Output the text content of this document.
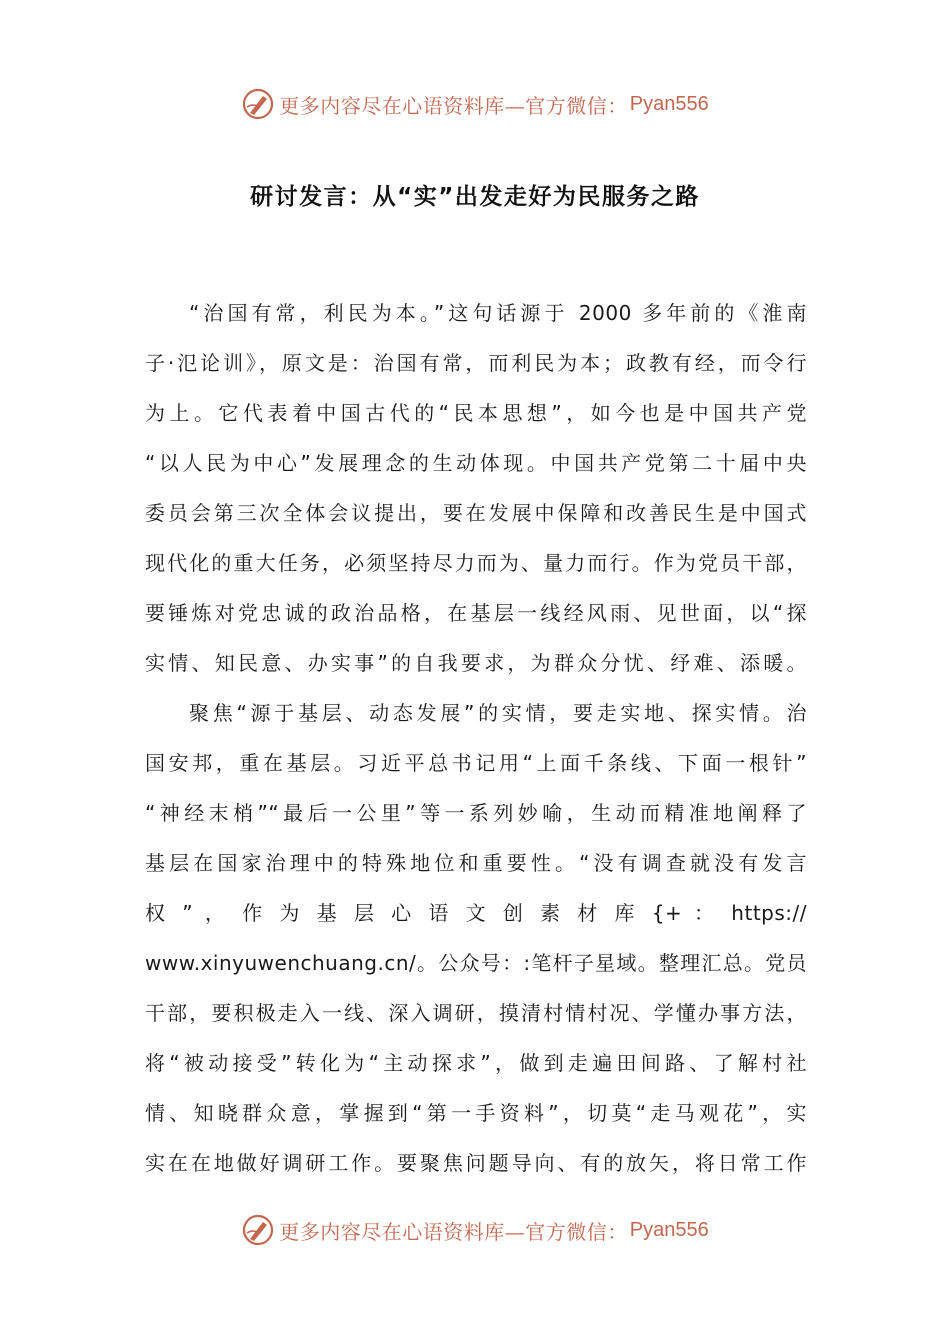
更多内容尽在心语资料库—官方微信： Pyan556
研讨发言：从“实”出发走好为民服务之路
“治国有常，利民为本。”这句话源于 2000 多年前的《淮南
子·氾论训》，原文是：治国有常，而利民为本；政教有经，而令行
为上。它代表着中国古代的“民本思想”，如今也是中国共产党
“以人民为中心”发展理念的生动体现。中国共产党第二十届中央
委员会第三次全体会议提出，要在发展中保障和改善民生是中国式
现代化的重大任务，必须坚持尽力而为、量力而行。作为党员干部，
要锤炼对党忠诚的政治品格，在基层一线经风雨、见世面，以“探
实情、知民意、办实事”的自我要求，为群众分忧、纾难、添暖。
聚焦“源于基层、动态发展”的实情，要走实地、探实情。治
国安邦，重在基层。习近平总书记用“上面千条线、下面一根针”
“神经末梢”“最后一公里”等一系列妙喻，生动而精准地阐释了
基层在国家治理中的特殊地位和重要性。“没有调查就没有发言
权 ” ， 作 为 基 层 心 语 文 创 素 材 库 {+ ： https://
www.xinyuwenchuang.cn/。公众号：:笔杆子星域。整理汇总。党员
干部，要积极走入一线、深入调研，摸清村情村况、学懂办事方法，
将“被动接受”转化为“主动探求”，做到走遍田间路、了解村社
情、知晓群众意，掌握到“第一手资料”，切莫“走马观花”，实
实在在地做好调研工作。要聚焦问题导向、有的放矢，将日常工作
更多内容尽在心语资料库—官方微信： Pyan556
